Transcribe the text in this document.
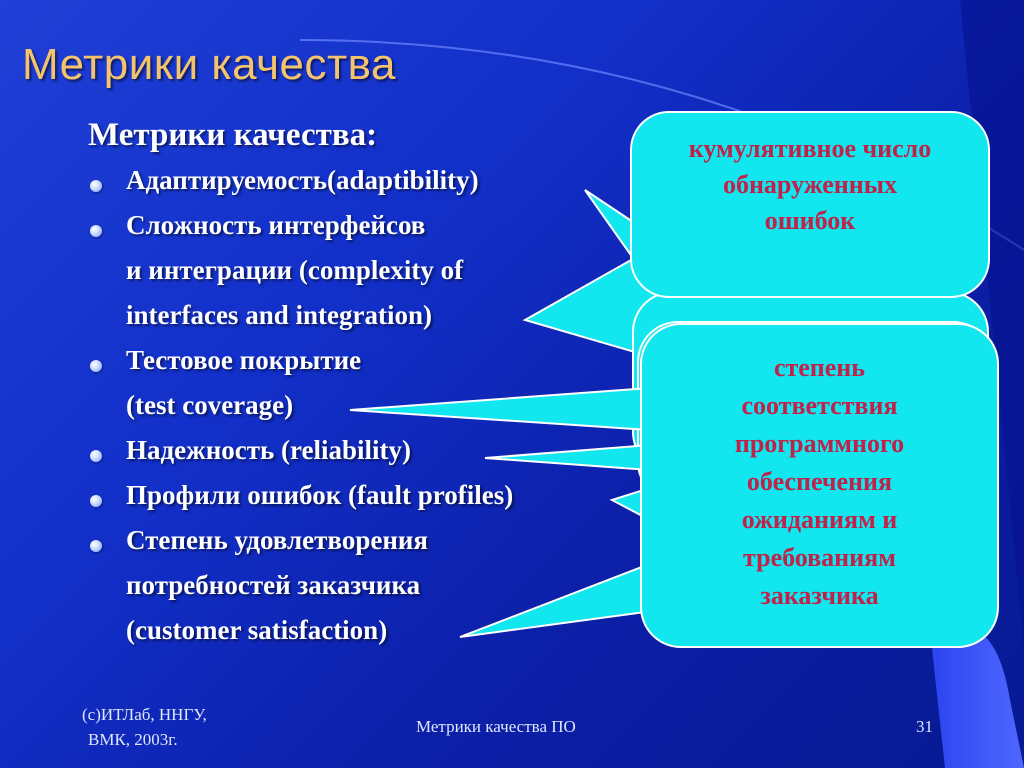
Метрики качества
Метрики качества:	кумулятивное число
обнаруженных
ошибок
степень
соответствия
программного
обеспечения
ожиданиям и
требованиям
заказчика
Адаптируемость(adaptibility)
Сложность интерфейсов
и интеграции (complexity of
interfaces and integration)
Тестовое покрытие
(test coverage)
Надежность (reliability)
Профили ошибок (fault profiles)
Степень удовлетворения
потребностей заказчика
(customer satisfaction)
(c)ИТЛаб, ННГУ,
ВМК, 2003г.
Метрики качества ПО	31
